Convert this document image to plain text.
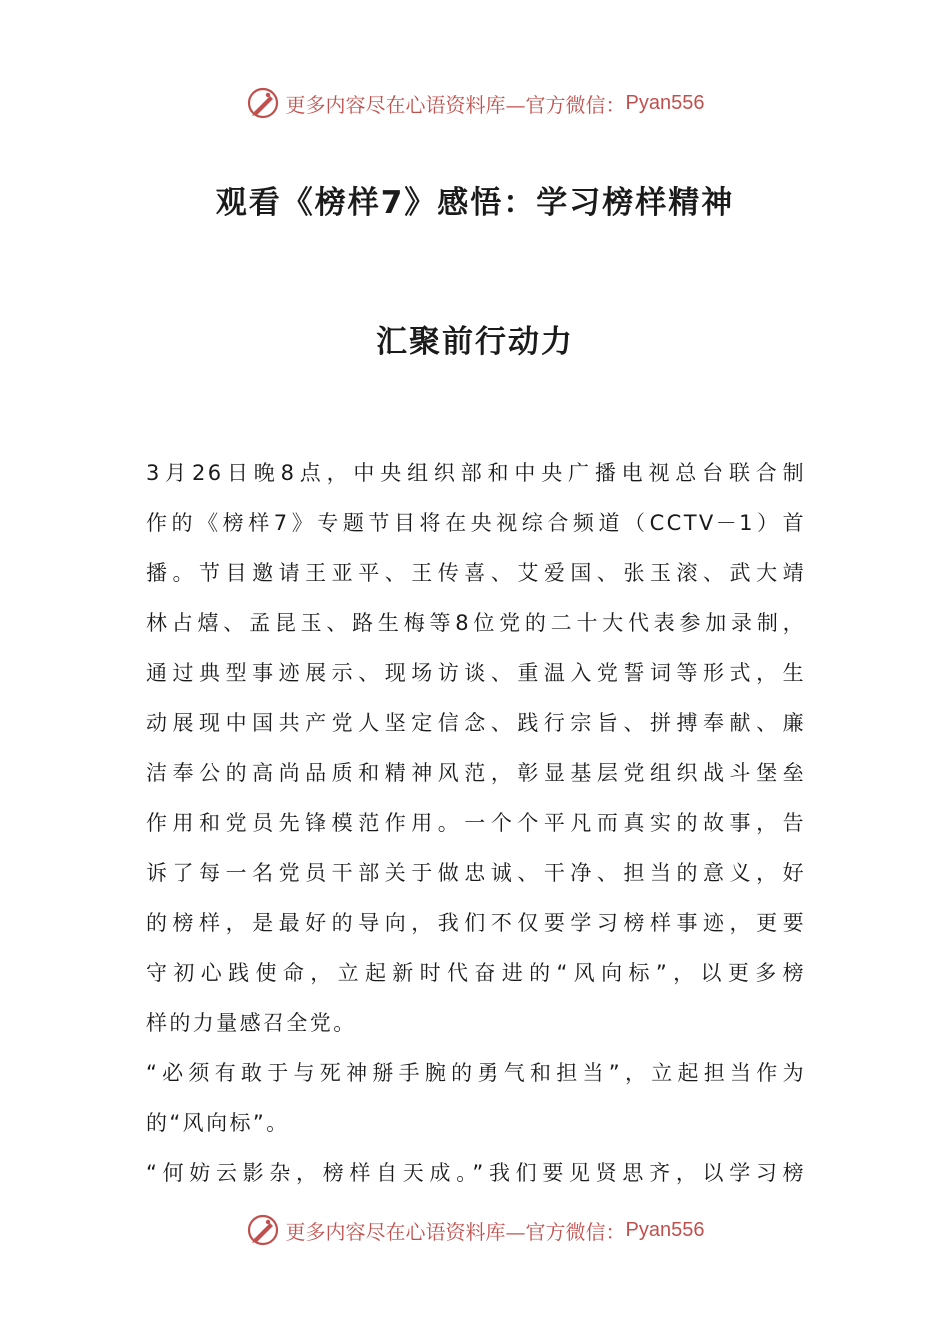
更多内容尽在心语资料库—官方微信： Pyan556
观看《榜样7》感悟：学习榜样精神
汇聚前行动力
3月26日晚8点，中央组织部和中央广播电视总台联合制
作的《榜样7》专题节目将在央视综合频道（CCTV－1）首
播。节目邀请王亚平、王传喜、艾爱国、张玉滚、武大靖
林占熺、孟昆玉、路生梅等8位党的二十大代表参加录制，
通过典型事迹展示、现场访谈、重温入党誓词等形式，生
动展现中国共产党人坚定信念、践行宗旨、拼搏奉献、廉
洁奉公的高尚品质和精神风范，彰显基层党组织战斗堡垒
作用和党员先锋模范作用。一个个平凡而真实的故事，告
诉了每一名党员干部关于做忠诚、干净、担当的意义，好
的榜样，是最好的导向，我们不仅要学习榜样事迹，更要
守初心践使命，立起新时代奋进的“风向标”，以更多榜
样的力量感召全党。
“必须有敢于与死神掰手腕的勇气和担当”，立起担当作为
的“风向标”。
“何妨云影杂，榜样自天成。”我们要见贤思齐，以学习榜
更多内容尽在心语资料库—官方微信： Pyan556
